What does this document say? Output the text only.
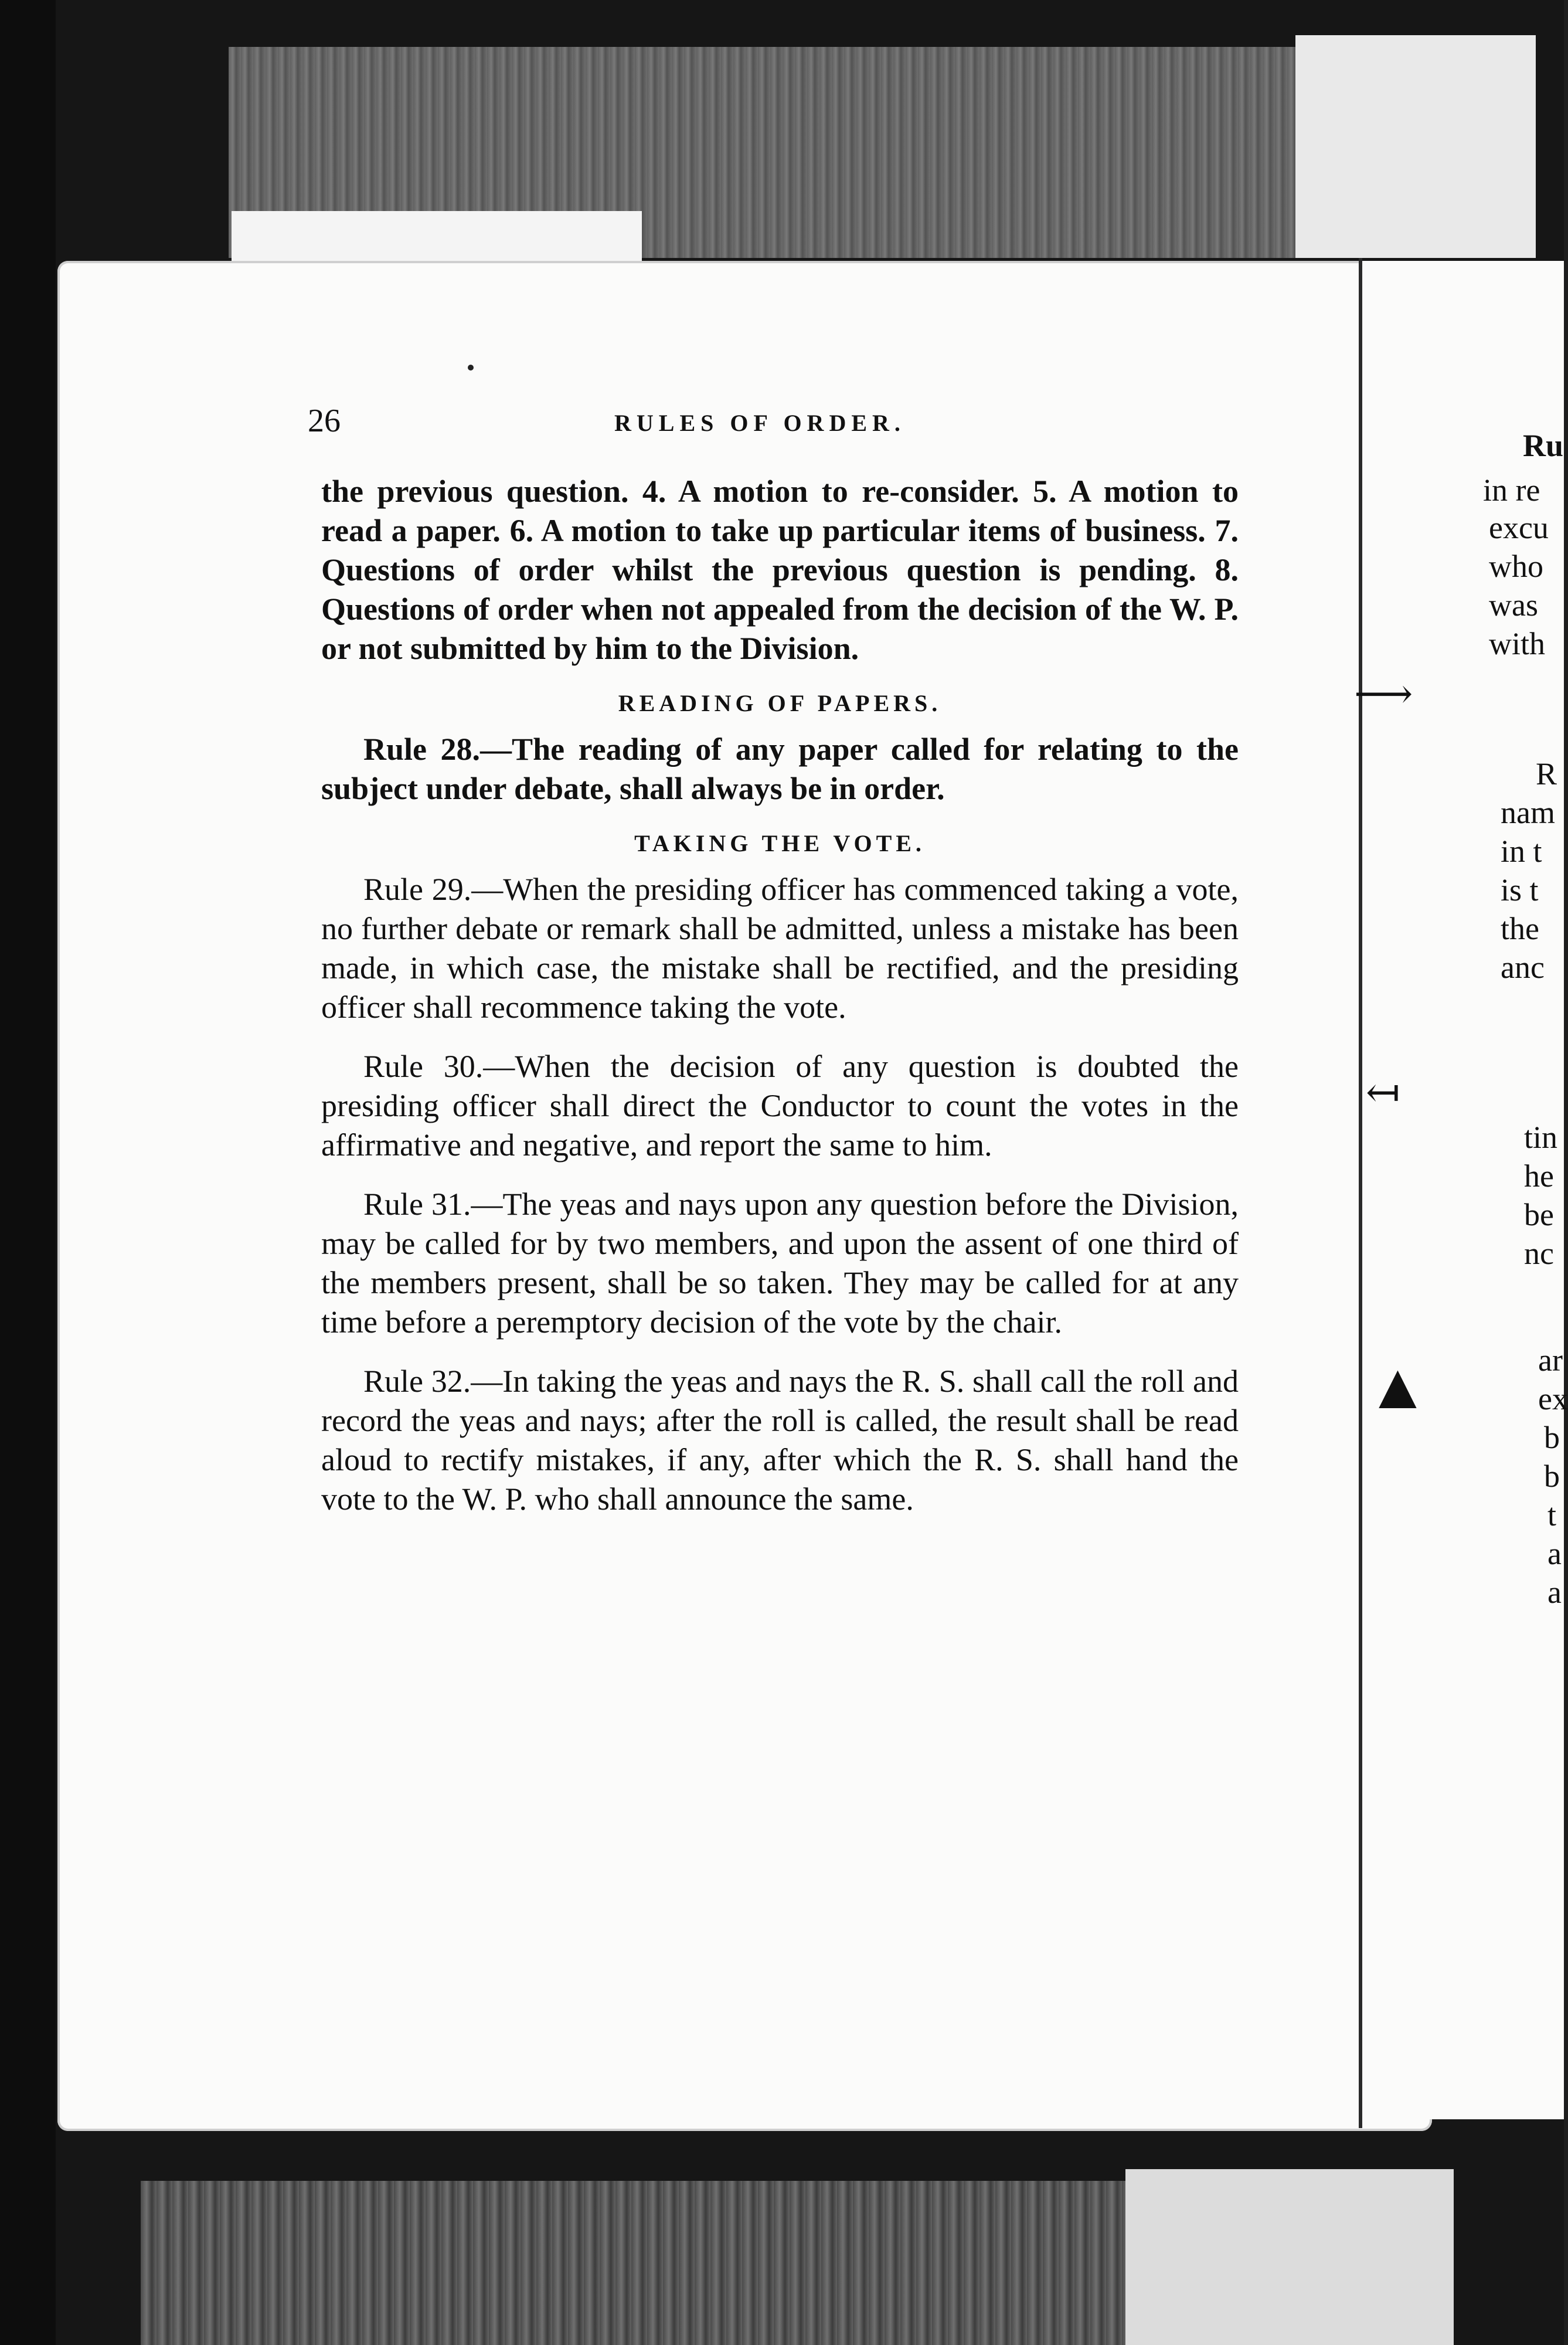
⟶
↤
▲
26	RULES OF ORDER.

the previous question. 4. A motion to re-consider. 5. A motion to read a paper. 6. A motion to take up particular items of business. 7. Questions of order whilst the previous question is pending. 8. Questions of order when not appealed from the decision of the W. P. or not submitted by him to the Division.

READING OF PAPERS.

Rule 28.—The reading of any paper called for relating to the subject under debate, shall always be in order.

TAKING THE VOTE.

Rule 29.—When the presiding officer has commenced taking a vote, no further debate or remark shall be admitted, unless a mistake has been made, in which case, the mistake shall be rectified, and the presiding officer shall recommence taking the vote.

Rule 30.—When the decision of any question is doubted the presiding officer shall direct the Conductor to count the votes in the affirmative and negative, and report the same to him.

Rule 31.—The yeas and nays upon any question before the Division, may be called for by two members, and upon the assent of one third of the members present, shall be so taken. They may be called for at any time before a peremptory decision of the vote by the chair.

Rule 32.—In taking the yeas and nays the R. S. shall call the roll and record the yeas and nays; after the roll is called, the result shall be read aloud to rectify mistakes, if any, after which the R. S. shall hand the vote to the W. P. who shall announce the same.

Ru
in re
excu
who
was
with
R
nam
in t
is t
the
anc
tin
he
be
nc
ar
ex
b
b
t
a
a
